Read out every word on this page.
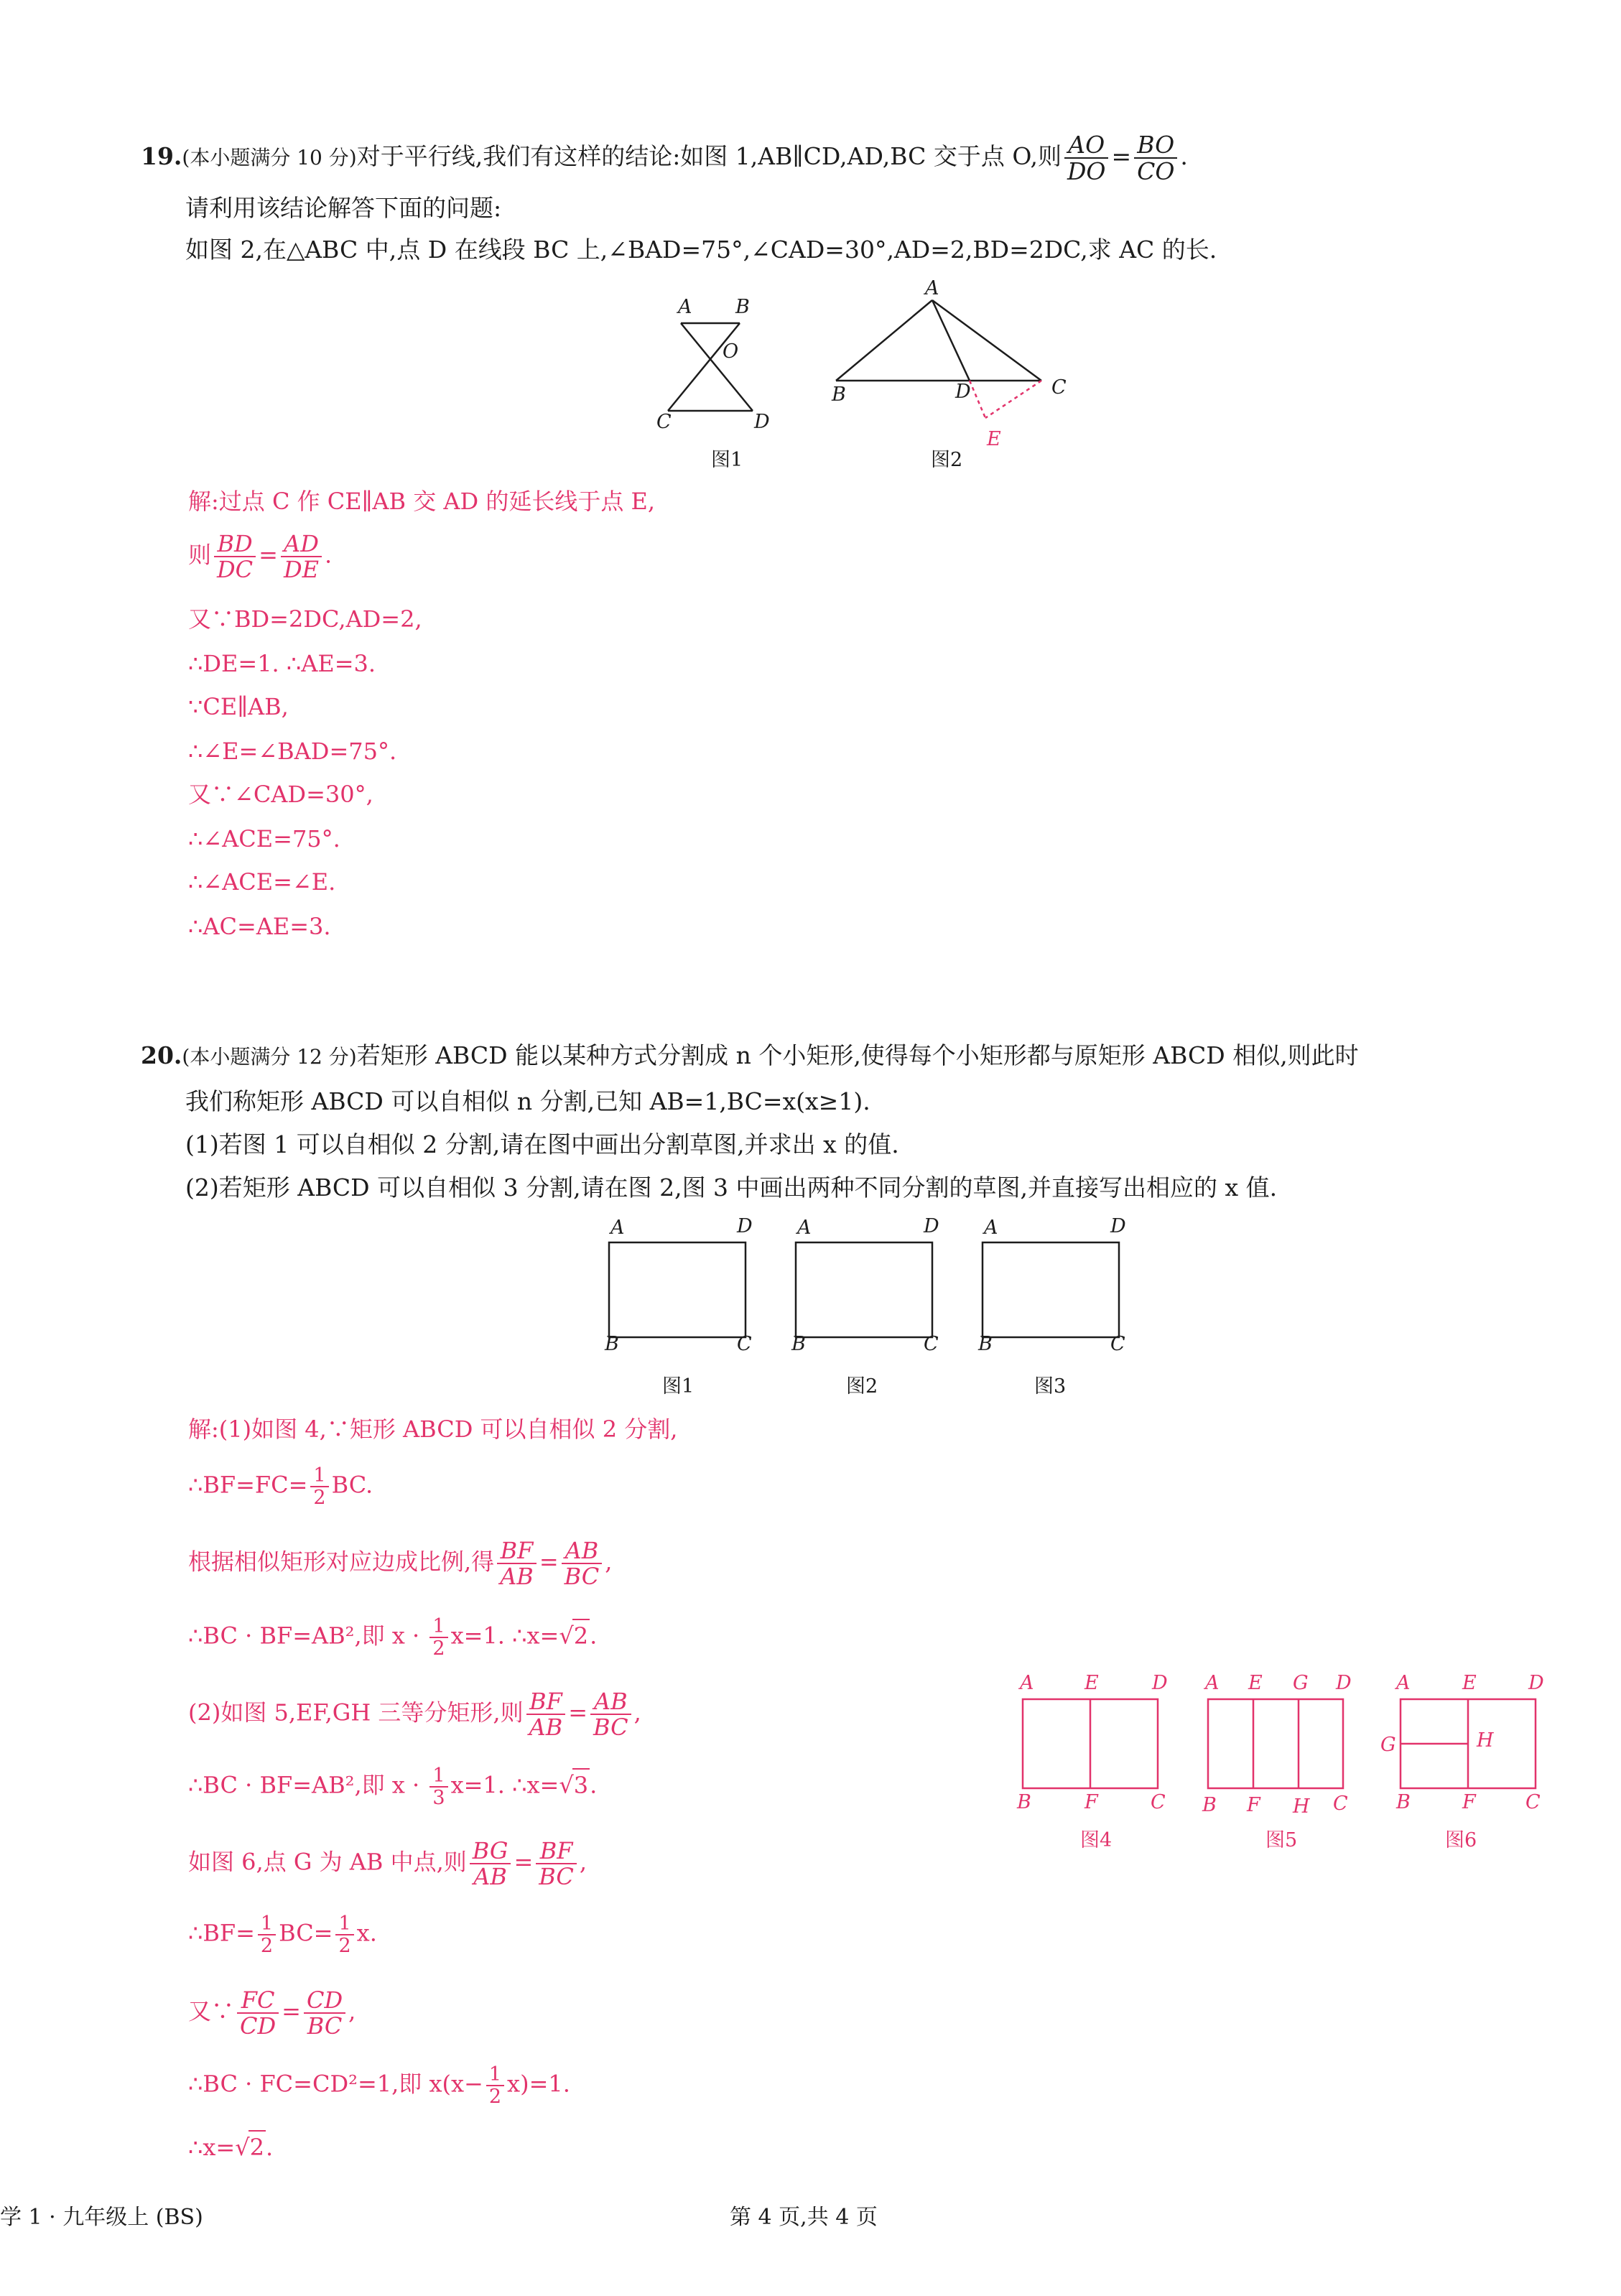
19.(本小题满分 10 分)对于平行线,我们有这样的结论:如图 1,AB∥CD,AD,BC 交于点 O,则 $\frac{AO}{DO} = \frac{BO}{CO}$ .
请利用该结论解答下面的问题:
如图 2,在△ABC 中,点 D 在线段 BC 上,∠BAD=75°,∠CAD=30°,AD=2,BD=2DC,求 AC 的长.
A B
O
C	D
图1
A
B	D	C
E
图2
解:过点 C 作 CE∥AB 交 AD 的延长线于点 E,
则 $\frac{BD}{DC} = \frac{AD}{DE}$ .
又∵BD=2DC,AD=2,
∴DE=1. ∴AE=3.
∵CE∥AB,
∴∠E=∠BAD=75°.
又∵∠CAD=30°,
∴∠ACE=75°.
∴∠ACE=∠E.
∴AC=AE=3.
20.(本小题满分 12 分)若矩形 ABCD 能以某种方式分割成 n 个小矩形,使得每个小矩形都与原矩形 ABCD 相似,则此时
我们称矩形 ABCD 可以自相似 n 分割,已知 AB=1,BC=x(x≥1).
(1)若图 1 可以自相似 2 分割,请在图中画出分割草图,并求出 x 的值.
(2)若矩形 ABCD 可以自相似 3 分割,请在图 2,图 3 中画出两种不同分割的草图,并直接写出相应的 x 值.
A	D
B	C
A	D
B	C
A	D
B	C
图1	图2	图3
解:(1)如图 4,∵矩形 ABCD 可以自相似 2 分割,
∴BF=FC= $\frac{1}{2}$ BC.
根据相似矩形对应边成比例,得 $\frac{BF}{AB} = \frac{AB}{BC}$ ,
∴BC · BF=AB²,即 $x \cdot \frac{1}{2} x=1$. ∴x=√2.
(2)如图 5,EF,GH 三等分矩形,则 $\frac{BF}{AB} = \frac{AB}{BC}$ ,
∴BC · BF=AB²,即 $x \cdot \frac{1}{3} x=1$. ∴x=√3.
如图 6,点 G 为 AB 中点,则 $\frac{BG}{AB} = \frac{BF}{BC}$ ,
∴BF= $\frac{1}{2} BC= \frac{1}{2} x$.
又∵ $\frac{FC}{CD} = \frac{CD}{BC}$ ,
∴BC · FC=CD²=1,即 $x(x- \frac{1}{2} x)=1$.
∴x=√2.
A	E	D
B	F	C
图4
A E G D
B F H C
图5
A	E	D
G	H
B	F	C
图6
学 1 · 九年级上 (BS)	第 4 页,共 4 页
